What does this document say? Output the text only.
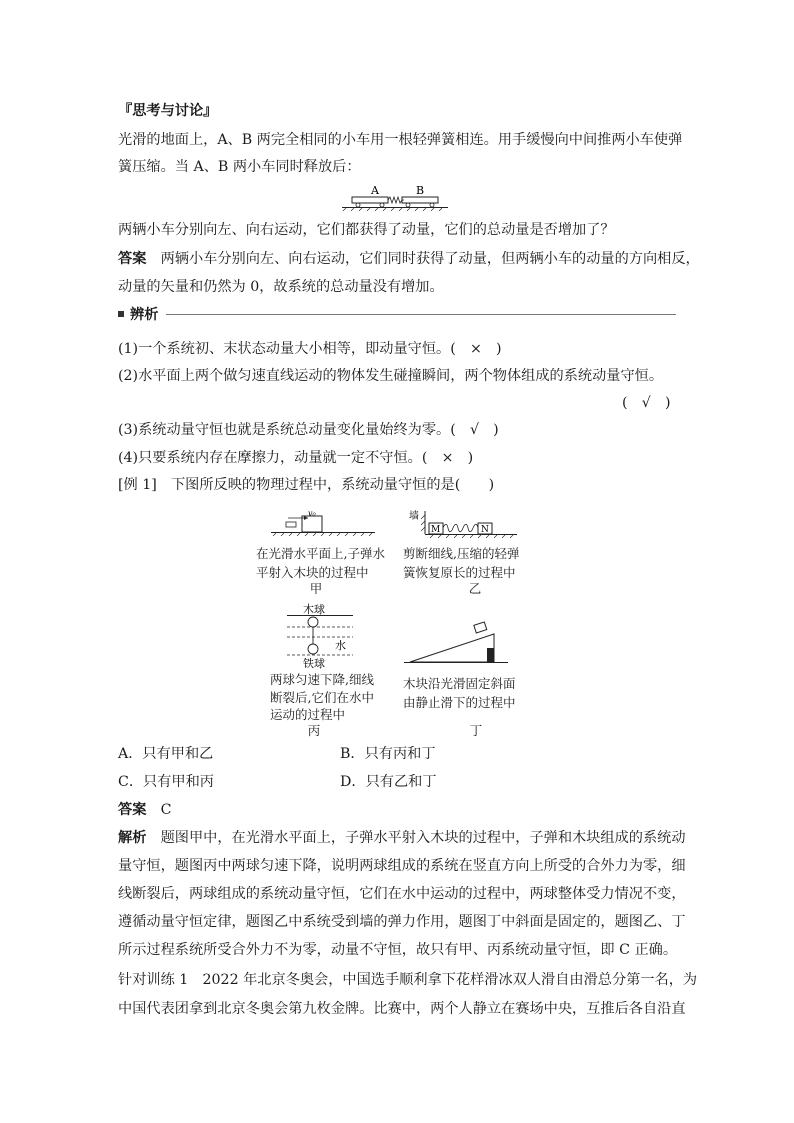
『思考与讨论』
光滑的地面上，A、B 两完全相同的小车用一根轻弹簧相连。用手缓慢向中间推两小车使弹
簧压缩。当 A、B 两小车同时释放后：
A	B
两辆小车分别向左、向右运动，它们都获得了动量，它们的总动量是否增加了？
答案　 两辆小车分别向左、向右运动，它们同时获得了动量，但两辆小车的动量的方向相反，
动量的矢量和仍然为 0，故系统的总动量没有增加。
辨析
(1)一个系统初、末状态动量大小相等，即动量守恒。(　×　)
(2)水平面上两个做匀速直线运动的物体发生碰撞瞬间，两个物体组成的系统动量守恒。
(　√　)
(3)系统动量守恒也就是系统总动量变化量始终为零。(　√　)
(4)只要系统内存在摩擦力，动量就一定不守恒。(　×　)
[例 1]　下图所反映的物理过程中，系统动量守恒的是(　　)
v₀
在光滑水平面上,子弹水
平射入木块的过程中
甲
墙
M	N
剪断细线,压缩的轻弹
簧恢复原长的过程中
乙
木球
水
铁球
两球匀速下降,细线
断裂后,它们在水中
运动的过程中
丙
木块沿光滑固定斜面
由静止滑下的过程中
丁
A．只有甲和乙	B．只有丙和丁
C．只有甲和丙	D．只有乙和丁
答案　 C
解析　 题图甲中，在光滑水平面上，子弹水平射入木块的过程中，子弹和木块组成的系统动
量守恒，题图丙中两球匀速下降，说明两球组成的系统在竖直方向上所受的合外力为零，细
线断裂后，两球组成的系统动量守恒，它们在水中运动的过程中，两球整体受力情况不变，
遵循动量守恒定律，题图乙中系统受到墙的弹力作用，题图丁中斜面是固定的，题图乙、丁
所示过程系统所受合外力不为零，动量不守恒，故只有甲、丙系统动量守恒，即 C 正确。
针对训练 1　 2022 年北京冬奥会，中国选手顺利拿下花样滑冰双人滑自由滑总分第一名，为
中国代表团拿到北京冬奥会第九枚金牌。比赛中，两个人静立在赛场中央，互推后各自沿直
